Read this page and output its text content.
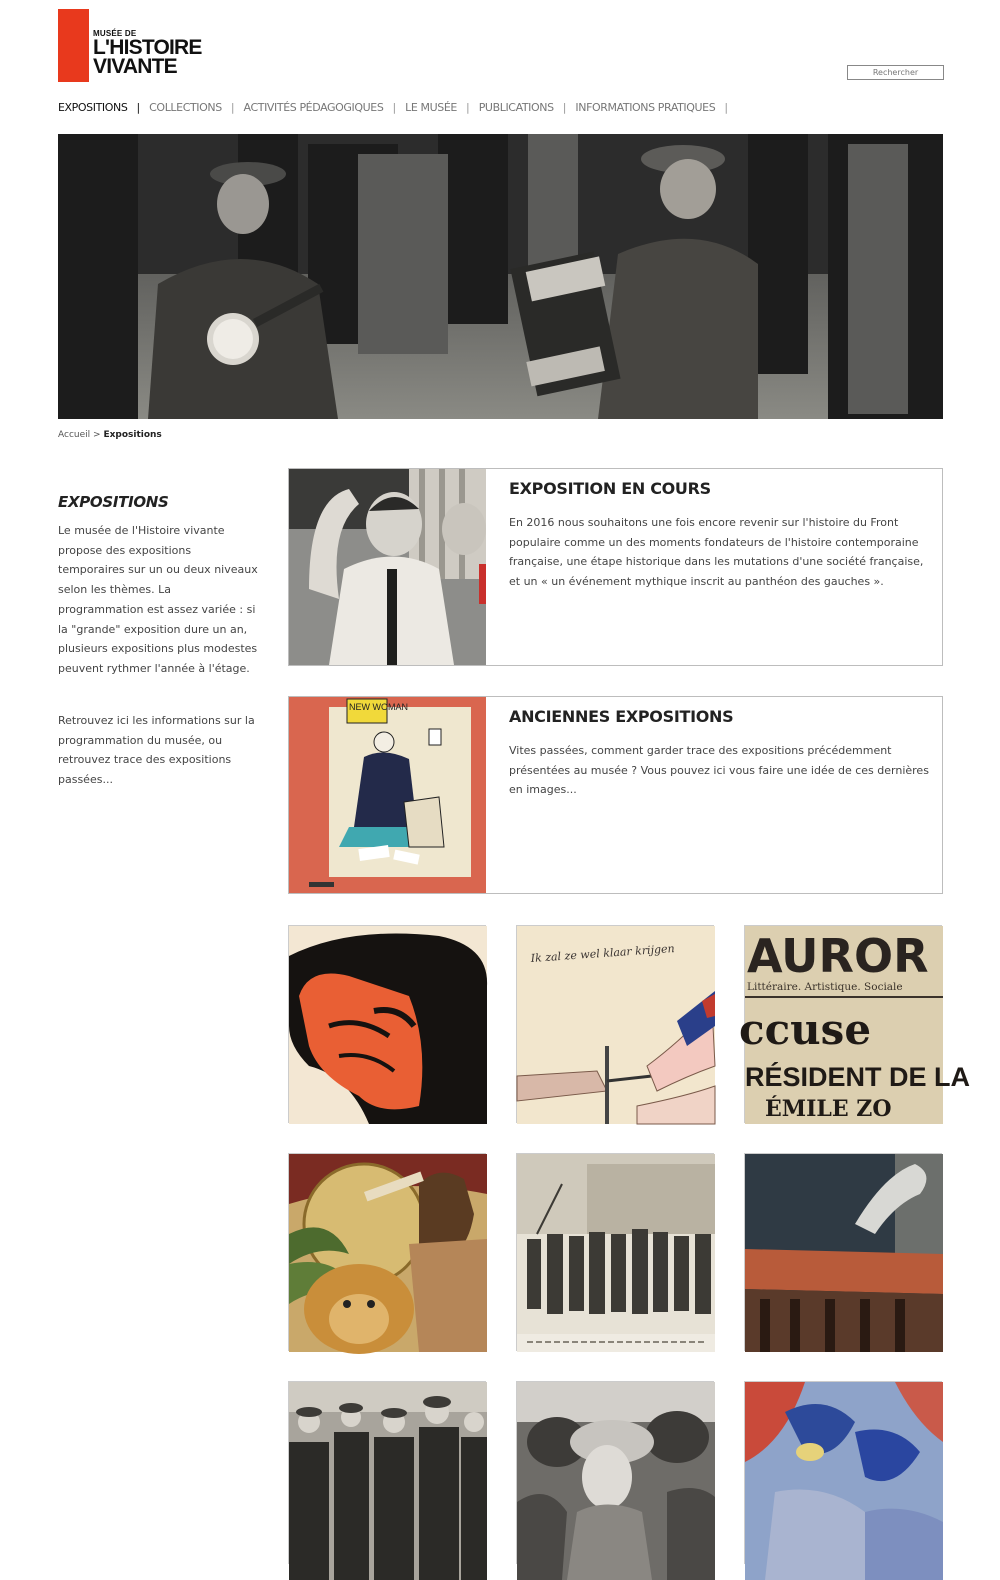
MUSÉE DE
L'HISTOIRE
VIVANTE
Rechercher
EXPOSITIONS | COLLECTIONS | ACTIVITÉS PÉDAGOGIQUES | LE MUSÉE | PUBLICATIONS | INFORMATIONS PRATIQUES |
Accueil > Expositions
EXPOSITIONS

Le musée de l'Histoire vivante propose des expositions temporaires sur un ou deux niveaux selon les thèmes. La programmation est assez variée : si la "grande" exposition dure un an, plusieurs expositions plus modestes peuvent rythmer l'année à l'étage.

Retrouvez ici les informations sur la programmation du musée, ou retrouvez trace des expositions passées...

EXPOSITION EN COURS

En 2016 nous souhaitons une fois encore revenir sur l'histoire du Front populaire comme un des moments fondateurs de l'histoire contemporaine française, une étape historique dans les mutations d'une société française, et un « un événement mythique inscrit au panthéon des gauches ».

NEW WOMAN	ANCIENNES EXPOSITIONS

Vites passées, comment garder trace des expositions précédemment présentées au musée ? Vous pouvez ici vous faire une idée de ces dernières en images...

Ik zal ze wel klaar krijgen AUROR
Littéraire. Artistique. Sociale
ccuse
RÉSIDENT DE LA
ÉMILE ZO
